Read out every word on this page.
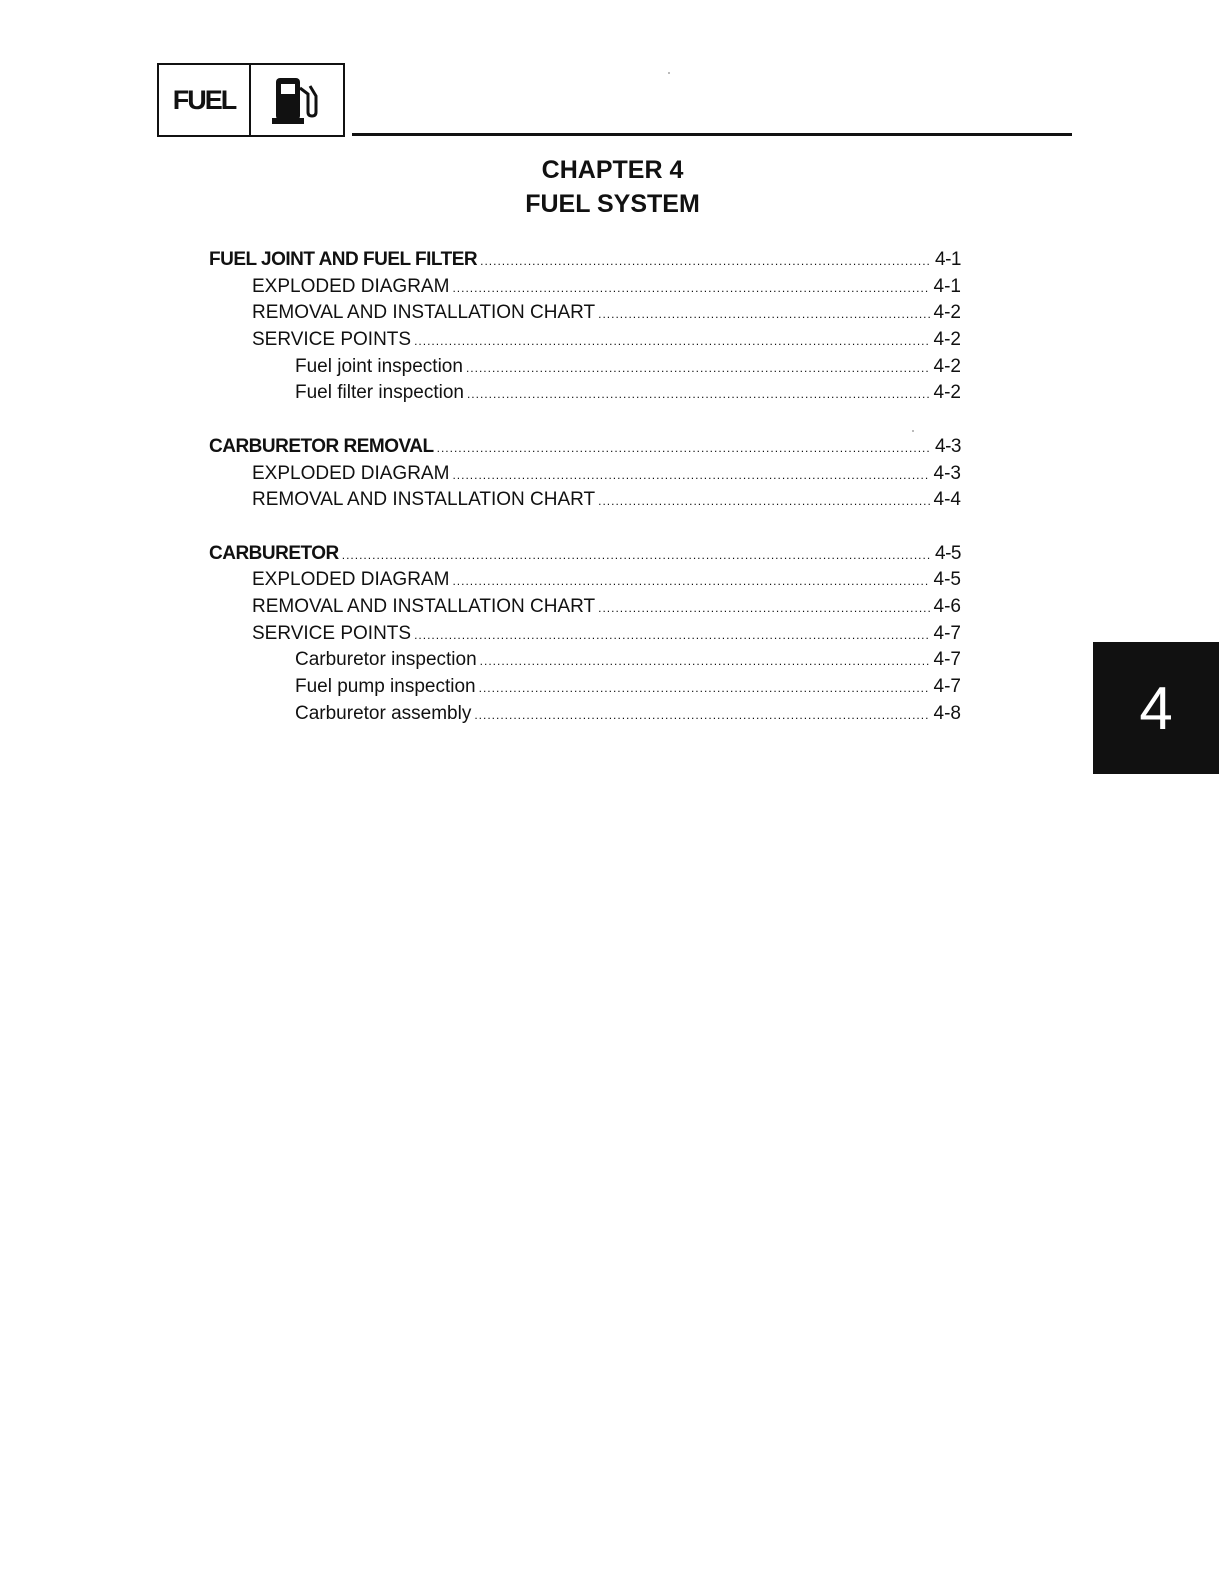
FUEL
CHAPTER 4
FUEL SYSTEM
FUEL JOINT AND FUEL FILTER .....	4-1
EXPLODED DIAGRAM .....	4-1
REMOVAL AND INSTALLATION CHART .....	4-2
SERVICE POINTS .....	4-2
Fuel joint inspection .....	4-2
Fuel filter inspection .....	4-2
CARBURETOR REMOVAL .....	4-3
EXPLODED DIAGRAM .....	4-3
REMOVAL AND INSTALLATION CHART .....	4-4
CARBURETOR .....	4-5
EXPLODED DIAGRAM .....	4-5
REMOVAL AND INSTALLATION CHART .....	4-6
SERVICE POINTS .....	4-7
Carburetor inspection .....	4-7
Fuel pump inspection .....	4-7
Carburetor assembly .....	4-8	4
